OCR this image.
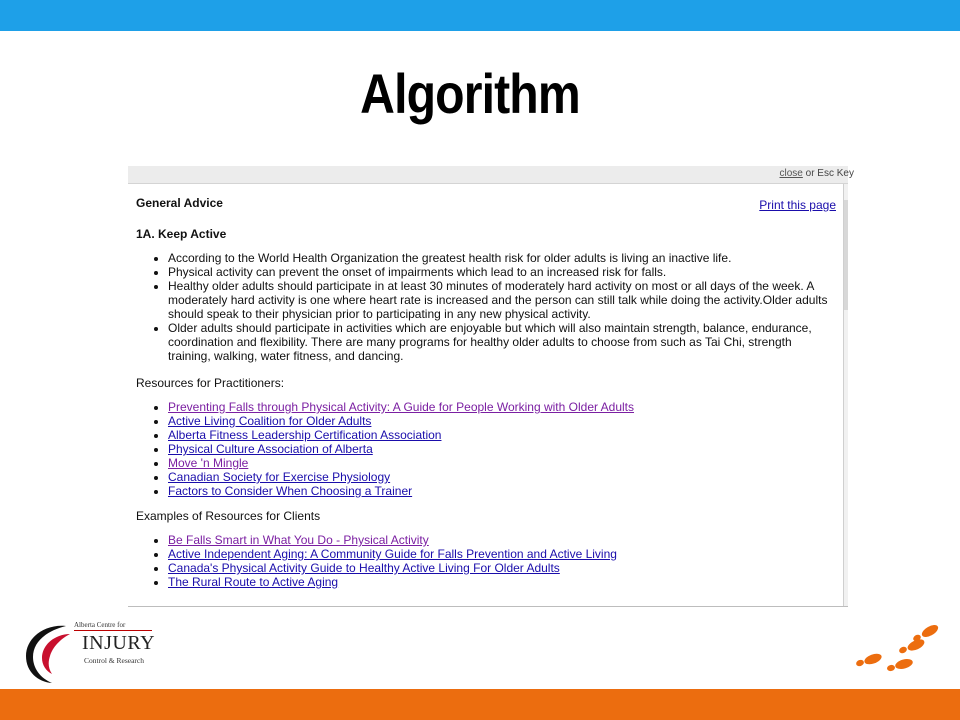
Algorithm
close or Esc Key
Print this page
General Advice
1A. Keep Active
• According to the World Health Organization the greatest health risk for older adults is living an inactive life.
• Physical activity can prevent the onset of impairments which lead to an increased risk for falls.
• Healthy older adults should participate in at least 30 minutes of moderately hard activity on most or all days of the week. A moderately hard activity is one where heart rate is increased and the person can still talk while doing the activity.Older adults should speak to their physician prior to participating in any new physical activity.
• Older adults should participate in activities which are enjoyable but which will also maintain strength, balance, endurance, coordination and flexibility. There are many programs for healthy older adults to choose from such as Tai Chi, strength training, walking, water fitness, and dancing.
Resources for Practitioners:
• Preventing Falls through Physical Activity: A Guide for People Working with Older Adults
• Active Living Coalition for Older Adults
• Alberta Fitness Leadership Certification Association
• Physical Culture Association of Alberta
• Move 'n Mingle
• Canadian Society for Exercise Physiology
• Factors to Consider When Choosing a Trainer
Examples of Resources for Clients
• Be Falls Smart in What You Do - Physical Activity
• Active Independent Aging: A Community Guide for Falls Prevention and Active Living
• Canada's Physical Activity Guide to Healthy Active Living For Older Adults
• The Rural Route to Active Aging
Alberta Centre for
INJURY
Control & Research
